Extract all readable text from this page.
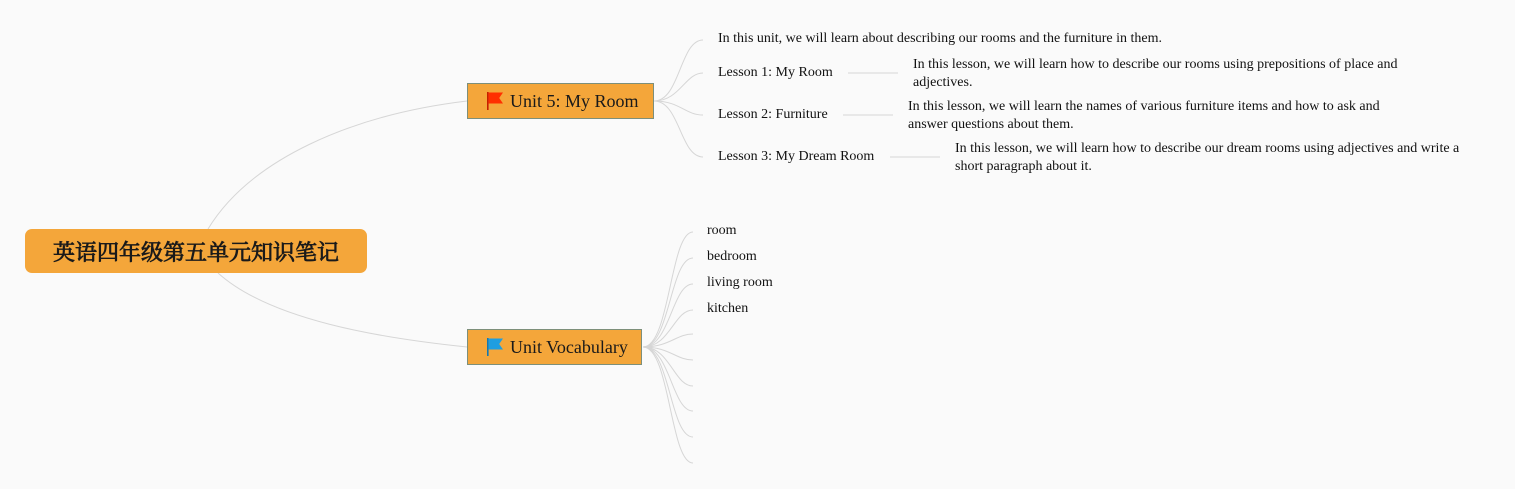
英语四年级第五单元知识笔记
Unit 5: My Room
Unit Vocabulary
In this unit, we will learn about describing our rooms and the furniture in them.
Lesson 1: My Room
In this lesson, we will learn how to describe our rooms using prepositions of place and adjectives.
Lesson 2: Furniture
In this lesson, we will learn the names of various furniture items and how to ask and answer questions about them.
Lesson 3: My Dream Room
In this lesson, we will learn how to describe our dream rooms using adjectives and write a short paragraph about it.
room
bedroom
living room
kitchen
